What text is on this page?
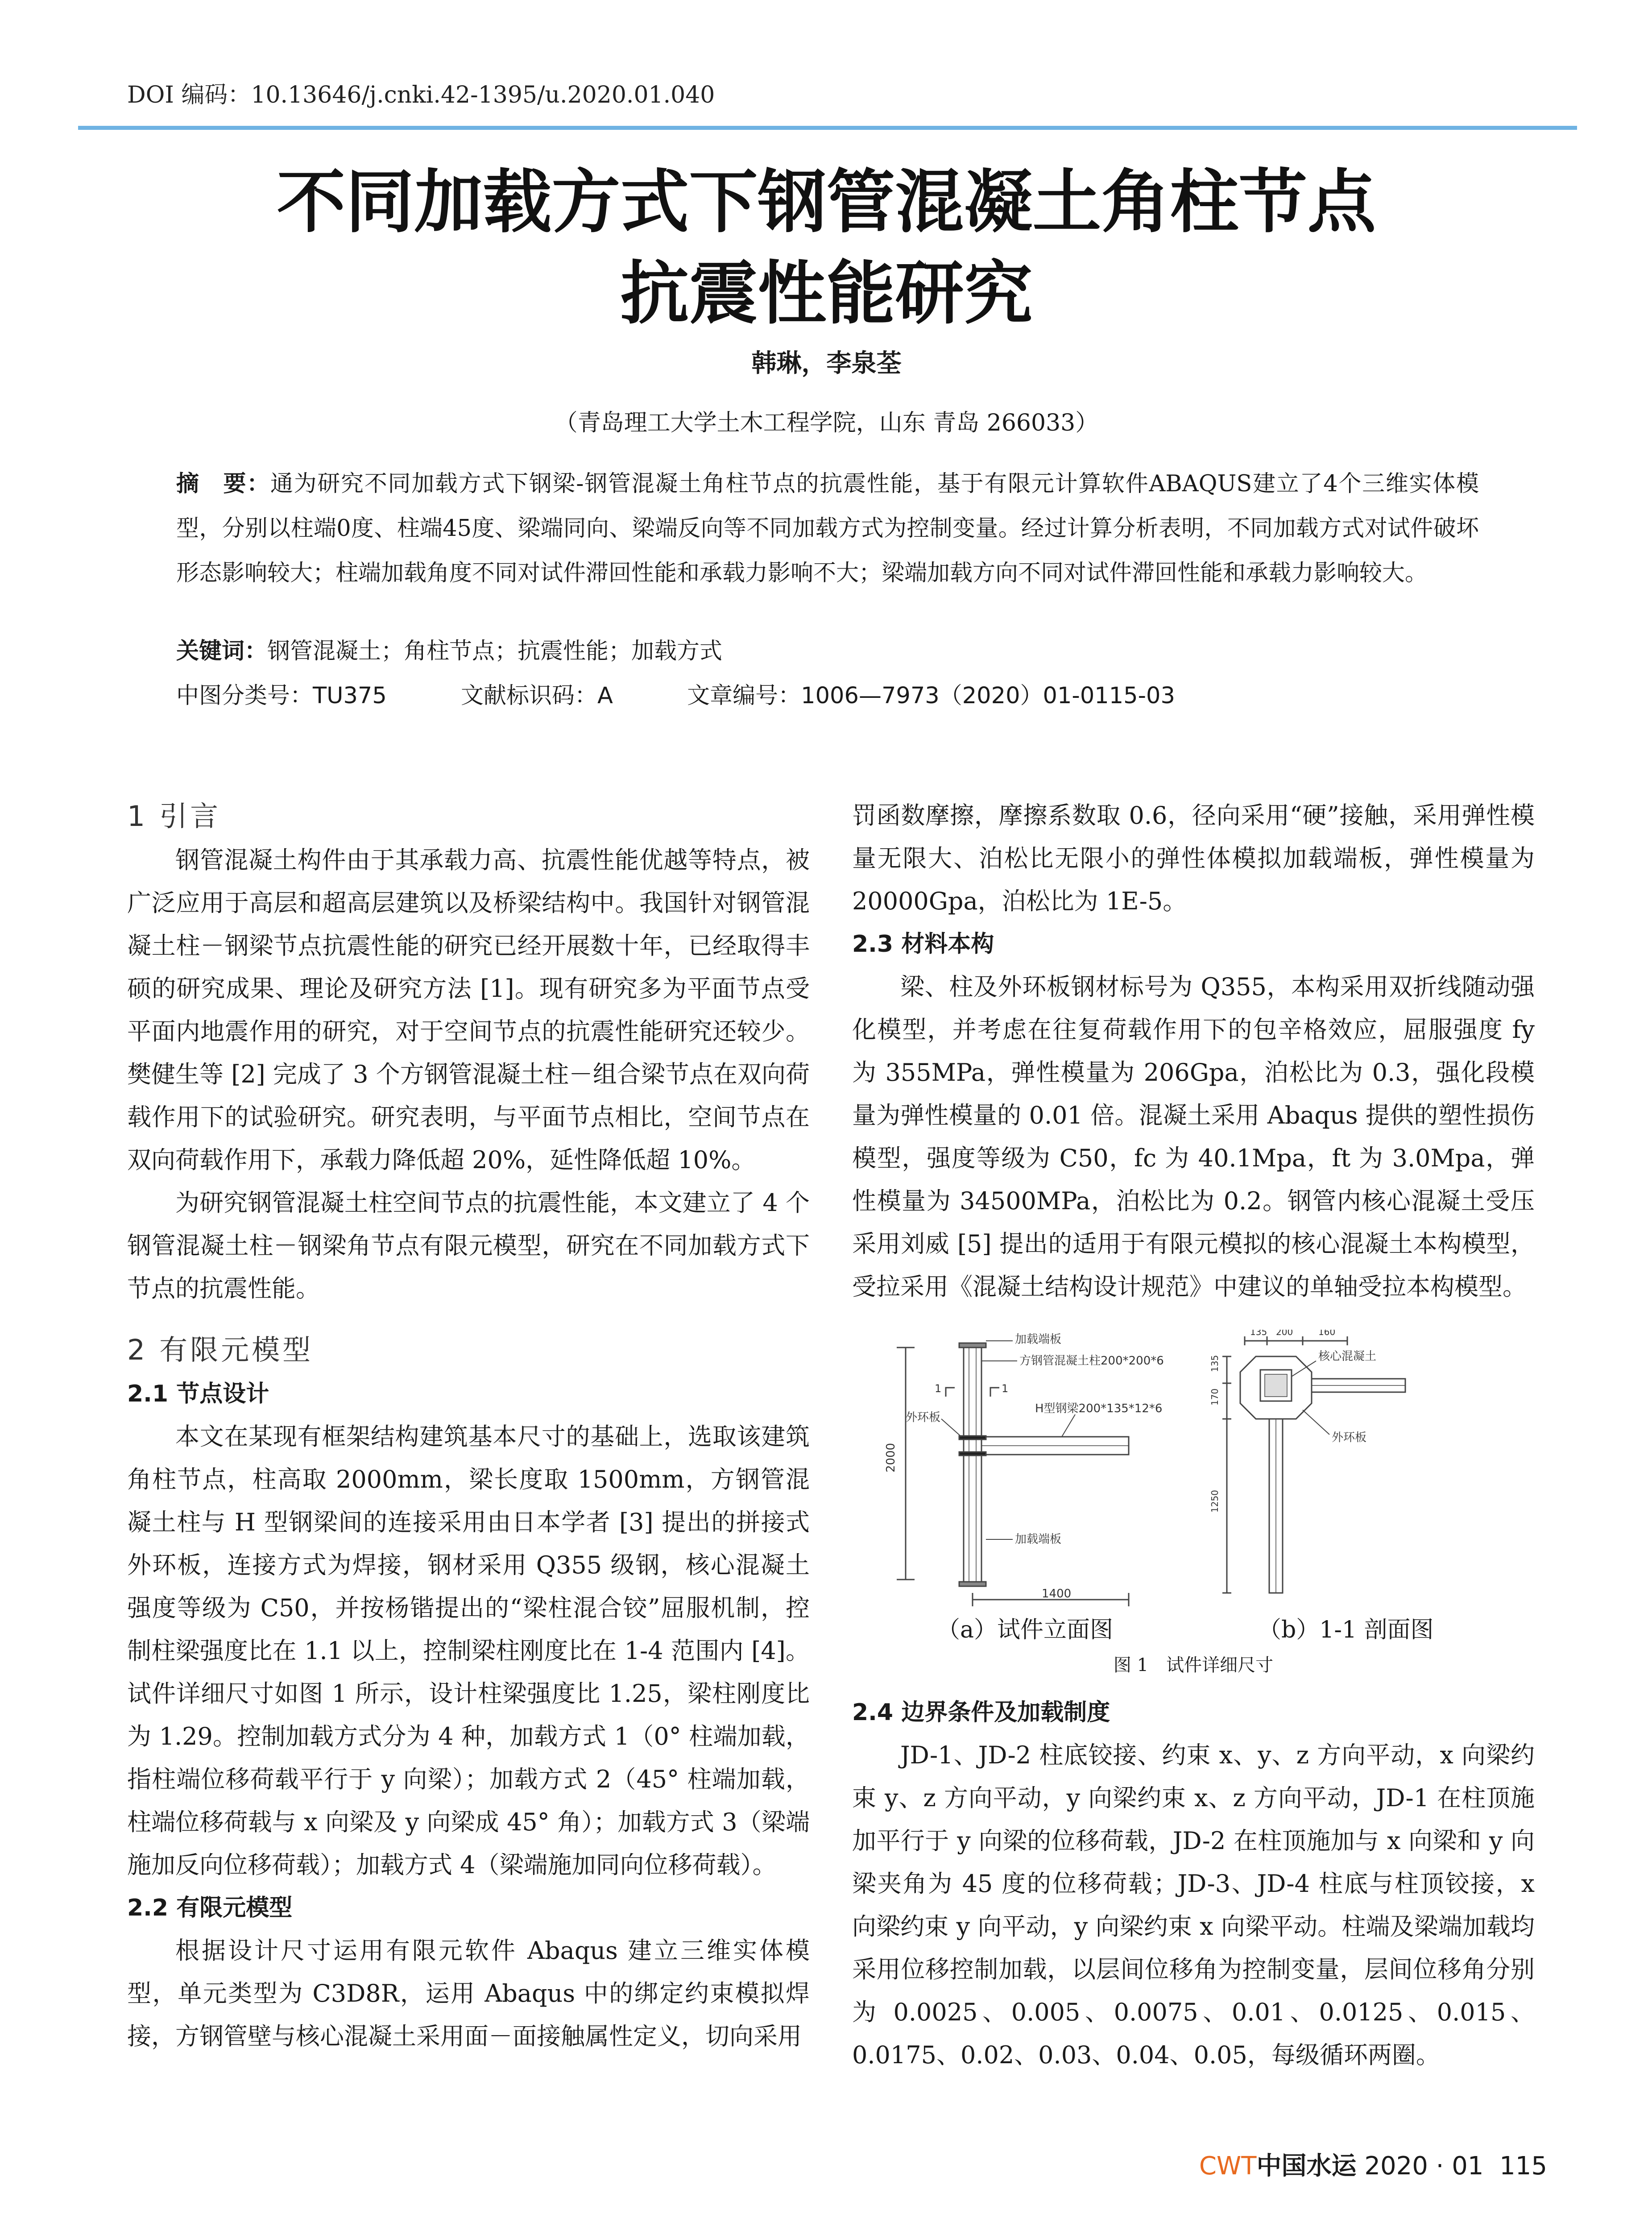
DOI 编码：10.13646/j.cnki.42-1395/u.2020.01.040
不同加载方式下钢管混凝土角柱节点
抗震性能研究
韩琳，李泉荃
（青岛理工大学土木工程学院，山东 青岛 266033）
摘　要：通为研究不同加载方式下钢梁-钢管混凝土角柱节点的抗震性能，基于有限元计算软件ABAQUS建立了4个三维实体模型，分别以柱端0度、柱端45度、梁端同向、梁端反向等不同加载方式为控制变量。经过计算分析表明，不同加载方式对试件破坏形态影响较大；柱端加载角度不同对试件滞回性能和承载力影响不大；梁端加载方向不同对试件滞回性能和承载力影响较大。
关键词：钢管混凝土；角柱节点；抗震性能；加载方式
中图分类号：TU375	文献标识码：A	文章编号：1006—7973（2020）01-0115-03
1 引言

钢管混凝土构件由于其承载力高、抗震性能优越等特点，被广泛应用于高层和超高层建筑以及桥梁结构中。我国针对钢管混凝土柱－钢梁节点抗震性能的研究已经开展数十年，已经取得丰硕的研究成果、理论及研究方法 [1]。现有研究多为平面节点受平面内地震作用的研究，对于空间节点的抗震性能研究还较少。樊健生等 [2] 完成了 3 个方钢管混凝土柱－组合梁节点在双向荷载作用下的试验研究。研究表明，与平面节点相比，空间节点在双向荷载作用下，承载力降低超 20%，延性降低超 10%。

为研究钢管混凝土柱空间节点的抗震性能，本文建立了 4 个钢管混凝土柱－钢梁角节点有限元模型，研究在不同加载方式下节点的抗震性能。

2 有限元模型
2.1 节点设计

本文在某现有框架结构建筑基本尺寸的基础上，选取该建筑角柱节点，柱高取 2000mm，梁长度取 1500mm，方钢管混凝土柱与 H 型钢梁间的连接采用由日本学者 [3] 提出的拼接式外环板，连接方式为焊接，钢材采用 Q355 级钢，核心混凝土强度等级为 C50，并按杨锴提出的“梁柱混合铰”屈服机制，控制柱梁强度比在 1.1 以上，控制梁柱刚度比在 1-4 范围内 [4]。试件详细尺寸如图 1 所示，设计柱梁强度比 1.25，梁柱刚度比为 1.29。控制加载方式分为 4 种，加载方式 1（0° 柱端加载，指柱端位移荷载平行于 y 向梁）；加载方式 2（45° 柱端加载，柱端位移荷载与 x 向梁及 y 向梁成 45° 角）；加载方式 3（梁端施加反向位移荷载）；加载方式 4（梁端施加同向位移荷载）。

2.2 有限元模型

根据设计尺寸运用有限元软件 Abaqus 建立三维实体模型，单元类型为 C3D8R，运用 Abaqus 中的绑定约束模拟焊接，方钢管壁与核心混凝土采用面－面接触属性定义，切向采用

罚函数摩擦，摩擦系数取 0.6，径向采用“硬”接触，采用弹性模量无限大、泊松比无限小的弹性体模拟加载端板，弹性模量为 20000Gpa，泊松比为 1E-5。

2.3 材料本构

梁、柱及外环板钢材标号为 Q355，本构采用双折线随动强化模型，并考虑在往复荷载作用下的包辛格效应，屈服强度 fy 为 355MPa，弹性模量为 206Gpa，泊松比为 0.3，强化段模量为弹性模量的 0.01 倍。混凝土采用 Abaqus 提供的塑性损伤模型，强度等级为 C50，fc 为 40.1Mpa，ft 为 3.0Mpa，弹性模量为 34500MPa，泊松比为 0.2。钢管内核心混凝土受压采用刘威 [5] 提出的适用于有限元模拟的核心混凝土本构模型，受拉采用《混凝土结构设计规范》中建议的单轴受拉本构模型。

加载端板
方钢管混凝土柱200*200*6
H型钢梁200*135*12*6
外环板
加载端板
2000
1400
1	1
135 200	160
135
170
1250
核心混凝土
外环板
（a）试件立面图	（b）1-1 剖面图
图 1　试件详细尺寸
2.4 边界条件及加载制度

JD-1、JD-2 柱底铰接、约束 x、y、z 方向平动，x 向梁约束 y、z 方向平动，y 向梁约束 x、z 方向平动，JD-1 在柱顶施加平行于 y 向梁的位移荷载，JD-2 在柱顶施加与 x 向梁和 y 向梁夹角为 45 度的位移荷载；JD-3、JD-4 柱底与柱顶铰接，x 向梁约束 y 向平动，y 向梁约束 x 向梁平动。柱端及梁端加载均采用位移控制加载，以层间位移角为控制变量，层间位移角分别为 0.0025、0.005、0.0075、0.01、0.0125、0.015、0.0175、0.02、0.03、0.04、0.05，每级循环两圈。

CWT中国水运 2020 · 01 115
